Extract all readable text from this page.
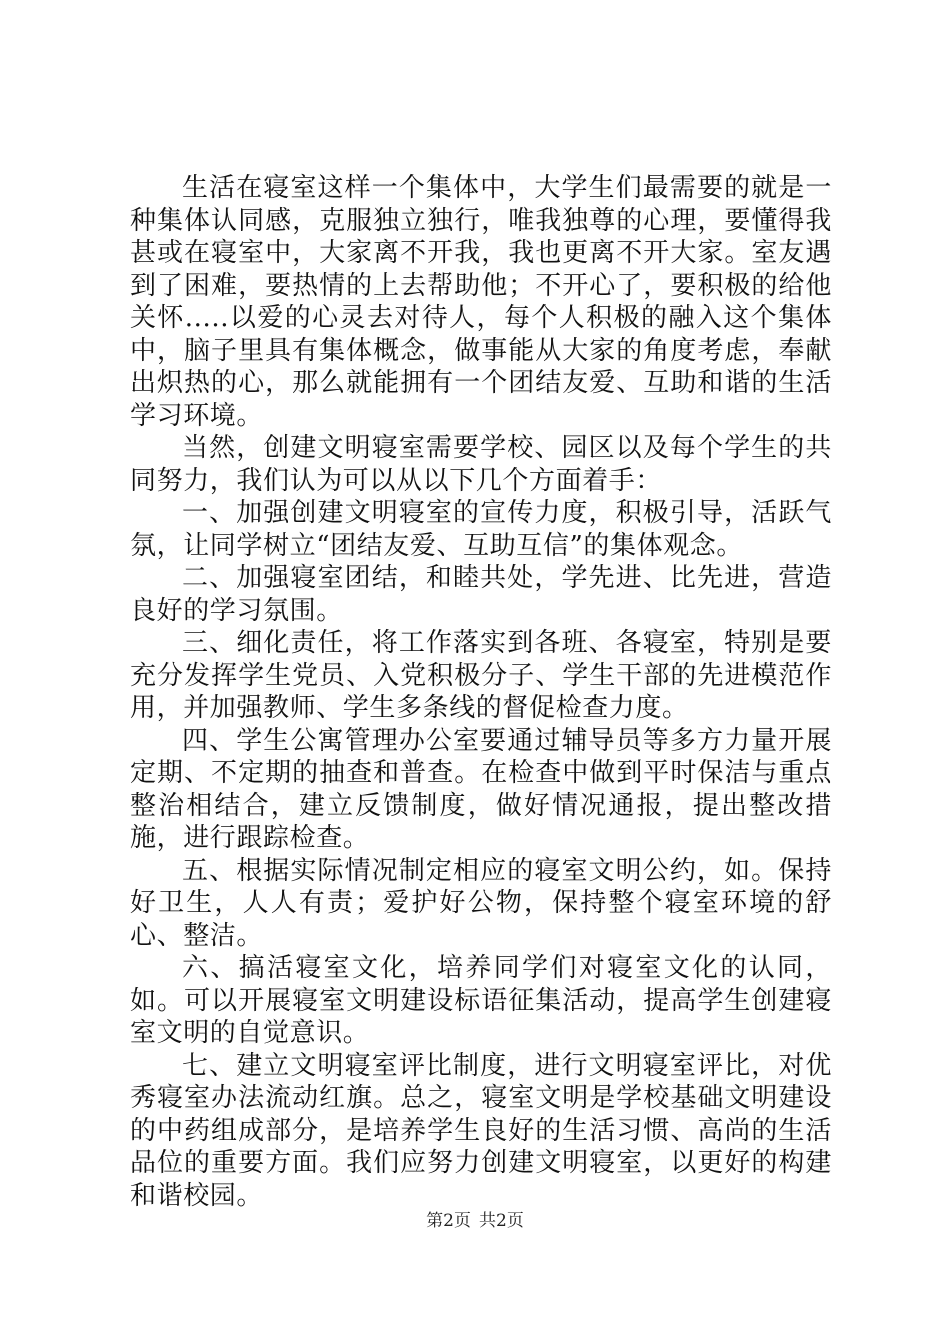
生活在寝室这样一个集体中，大学生们最需要的就是一种集体认同感，克服独立独行，唯我独尊的心理，要懂得我甚或在寝室中，大家离不开我，我也更离不开大家。室友遇到了困难，要热情的上去帮助他；不开心了，要积极的给他关怀.....以爱的心灵去对待人，每个人积极的融入这个集体中，脑子里具有集体概念，做事能从大家的角度考虑，奉献出炽热的心，那么就能拥有一个团结友爱、互助和谐的生活学习环境。

当然，创建文明寝室需要学校、园区以及每个学生的共同努力，我们认为可以从以下几个方面着手：

一、加强创建文明寝室的宣传力度，积极引导，活跃气氛，让同学树立“团结友爱、互助互信”的集体观念。

二、加强寝室团结，和睦共处，学先进、比先进，营造良好的学习氛围。

三、细化责任，将工作落实到各班、各寝室，特别是要充分发挥学生党员、入党积极分子、学生干部的先进模范作用，并加强教师、学生多条线的督促检查力度。

四、学生公寓管理办公室要通过辅导员等多方力量开展定期、不定期的抽查和普查。在检查中做到平时保洁与重点整治相结合，建立反馈制度，做好情况通报，提出整改措施，进行跟踪检查。

五、根据实际情况制定相应的寝室文明公约，如。保持好卫生，人人有责；爱护好公物，保持整个寝室环境的舒心、整洁。

六、搞活寝室文化，培养同学们对寝室文化的认同，如。可以开展寝室文明建设标语征集活动，提高学生创建寝室文明的自觉意识。

七、建立文明寝室评比制度，进行文明寝室评比，对优秀寝室办法流动红旗。总之，寝室文明是学校基础文明建设的中药组成部分，是培养学生良好的生活习惯、高尚的生活品位的重要方面。我们应努力创建文明寝室，以更好的构建和谐校园。

第2页 共2页
